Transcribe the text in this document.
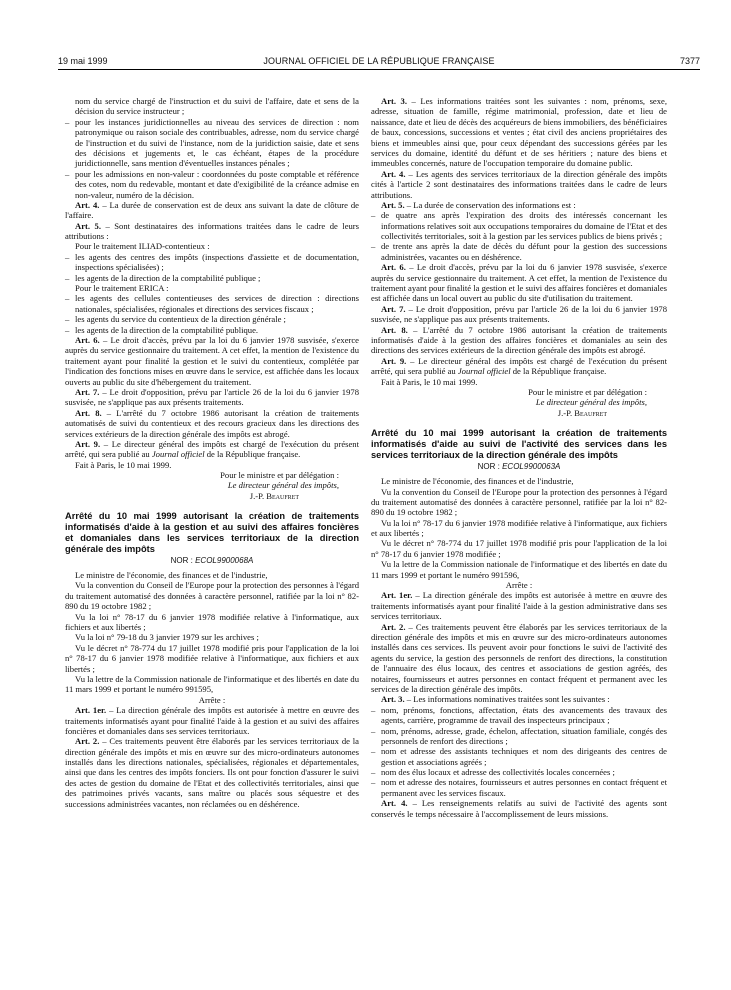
19 mai 1999	JOURNAL OFFICIEL DE LA RÉPUBLIQUE FRANÇAISE	7377

nom du service chargé de l'instruction et du suivi de l'affaire, date et sens de la décision du service instructeur ;

– pour les instances juridictionnelles au niveau des services de direction : nom patronymique ou raison sociale des contribuables, adresse, nom du service chargé de l'instruction et du suivi de l'instance, nom de la juridiction saisie, date et sens des décisions et jugements et, le cas échéant, étapes de la procédure juridictionnelle, sans mention d'éventuelles instances pénales ;

– pour les admissions en non-valeur : coordonnées du poste comptable et référence des cotes, nom du redevable, montant et date d'exigibilité de la créance admise en non-valeur, numéro de la décision.

Art. 4. – La durée de conservation est de deux ans suivant la date de clôture de l'affaire.

Art. 5. – Sont destinataires des informations traitées dans le cadre de leurs attributions :

Pour le traitement ILIAD-contentieux :

– les agents des centres des impôts (inspections d'assiette et de documentation, inspections spécialisées) ;

– les agents de la direction de la comptabilité publique ;

Pour le traitement ERICA :

– les agents des cellules contentieuses des services de direction : directions nationales, spécialisées, régionales et directions des services fiscaux ;

– les agents du service du contentieux de la direction générale ;

– les agents de la direction de la comptabilité publique.

Art. 6. – Le droit d'accès, prévu par la loi du 6 janvier 1978 susvisée, s'exerce auprès du service gestionnaire du traitement. A cet effet, la mention de l'existence du traitement ayant pour finalité la gestion et le suivi du contentieux, complétée par l'indication des fonctions mises en œuvre dans le service, est affichée dans les locaux ouverts au public du site d'hébergement du traitement.

Art. 7. – Le droit d'opposition, prévu par l'article 26 de la loi du 6 janvier 1978 susvisée, ne s'applique pas aux présents traitements.

Art. 8. – L'arrêté du 7 octobre 1986 autorisant la création de traitements automatisés de suivi du contentieux et des recours gracieux dans les directions des services extérieurs de la direction générale des impôts est abrogé.

Art. 9. – Le directeur général des impôts est chargé de l'exécution du présent arrêté, qui sera publié au Journal officiel de la République française.

Fait à Paris, le 10 mai 1999.

Pour le ministre et par délégation :

Le directeur général des impôts,

J.-P. Beaufret

Arrêté du 10 mai 1999 autorisant la création de traitements informatisés d'aide à la gestion et au suivi des affaires foncières et domaniales dans les services territoriaux de la direction générale des impôts

NOR : ECOL9900068A

Le ministre de l'économie, des finances et de l'industrie,

Vu la convention du Conseil de l'Europe pour la protection des personnes à l'égard du traitement automatisé des données à caractère personnel, ratifiée par la loi n° 82-890 du 19 octobre 1982 ;

Vu la loi n° 78-17 du 6 janvier 1978 modifiée relative à l'informatique, aux fichiers et aux libertés ;

Vu la loi n° 79-18 du 3 janvier 1979 sur les archives ;

Vu le décret n° 78-774 du 17 juillet 1978 modifié pris pour l'application de la loi n° 78-17 du 6 janvier 1978 modifiée relative à l'informatique, aux fichiers et aux libertés ;

Vu la lettre de la Commission nationale de l'informatique et des libertés en date du 11 mars 1999 et portant le numéro 991595,

Arrête :

Art. 1er. – La direction générale des impôts est autorisée à mettre en œuvre des traitements informatisés ayant pour finalité l'aide à la gestion et au suivi des affaires foncières et domaniales dans ses services territoriaux.

Art. 2. – Ces traitements peuvent être élaborés par les services territoriaux de la direction générale des impôts et mis en œuvre sur des micro-ordinateurs autonomes installés dans les directions nationales, spécialisées, régionales et départementales, ainsi que dans les centres des impôts fonciers. Ils ont pour fonction d'assurer le suivi des actes de gestion du domaine de l'Etat et des collectivités territoriales, ainsi que des patrimoines privés vacants, sans maître ou placés sous séquestre et des successions administrées vacantes, non réclamées ou en déshérence.

Art. 3. – Les informations traitées sont les suivantes : nom, prénoms, sexe, adresse, situation de famille, régime matrimonial, profession, date et lieu de naissance, date et lieu de décès des acquéreurs de biens immobiliers, des bénéficiaires de baux, concessions, successions et ventes ; état civil des anciens propriétaires des biens et immeubles ainsi que, pour ceux dépendant des successions gérées par les services du domaine, identité du défunt et de ses héritiers ; nature des biens et immeubles concernés, nature de l'occupation temporaire du domaine public.

Art. 4. – Les agents des services territoriaux de la direction générale des impôts cités à l'article 2 sont destinataires des informations traitées dans le cadre de leurs attributions.

Art. 5. – La durée de conservation des informations est :

– de quatre ans après l'expiration des droits des intéressés concernant les informations relatives soit aux occupations temporaires du domaine de l'Etat et des collectivités territoriales, soit à la gestion par les services publics de biens privés ;

– de trente ans après la date de décès du défunt pour la gestion des successions administrées, vacantes ou en déshérence.

Art. 6. – Le droit d'accès, prévu par la loi du 6 janvier 1978 susvisée, s'exerce auprès du service gestionnaire du traitement. A cet effet, la mention de l'existence du traitement ayant pour finalité la gestion et le suivi des affaires foncières et domaniales est affichée dans un local ouvert au public du site d'utilisation du traitement.

Art. 7. – Le droit d'opposition, prévu par l'article 26 de la loi du 6 janvier 1978 susvisée, ne s'applique pas aux présents traitements.

Art. 8. – L'arrêté du 7 octobre 1986 autorisant la création de traitements informatisés d'aide à la gestion des affaires foncières et domaniales au sein des directions des services extérieurs de la direction générale des impôts est abrogé.

Art. 9. – Le directeur général des impôts est chargé de l'exécution du présent arrêté, qui sera publié au Journal officiel de la République française.

Fait à Paris, le 10 mai 1999.

Pour le ministre et par délégation :

Le directeur général des impôts,

J.-P. Beaufret

Arrêté du 10 mai 1999 autorisant la création de traitements informatisés d'aide au suivi de l'activité des services dans les services territoriaux de la direction générale des impôts

NOR : ECOL9900063A

Le ministre de l'économie, des finances et de l'industrie,

Vu la convention du Conseil de l'Europe pour la protection des personnes à l'égard du traitement automatisé des données à caractère personnel, ratifiée par la loi n° 82-890 du 19 octobre 1982 ;

Vu la loi n° 78-17 du 6 janvier 1978 modifiée relative à l'informatique, aux fichiers et aux libertés ;

Vu le décret n° 78-774 du 17 juillet 1978 modifié pris pour l'application de la loi n° 78-17 du 6 janvier 1978 modifiée ;

Vu la lettre de la Commission nationale de l'informatique et des libertés en date du 11 mars 1999 et portant le numéro 991596,

Arrête :

Art. 1er. – La direction générale des impôts est autorisée à mettre en œuvre des traitements informatisés ayant pour finalité l'aide à la gestion administrative dans ses services territoriaux.

Art. 2. – Ces traitements peuvent être élaborés par les services territoriaux de la direction générale des impôts et mis en œuvre sur des micro-ordinateurs autonomes installés dans ces services. Ils peuvent avoir pour fonctions le suivi de l'activité des agents du service, la gestion des personnels de renfort des directions, la constitution de l'annuaire des élus locaux, des centres et associations de gestion agréés, des notaires, fournisseurs et autres personnes en contact fréquent et permanent avec les services de la direction générale des impôts.

Art. 3. – Les informations nominatives traitées sont les suivantes :

– nom, prénoms, fonctions, affectation, états des avancements des travaux des agents, carrière, programme de travail des inspecteurs principaux ;

– nom, prénoms, adresse, grade, échelon, affectation, situation familiale, congés des personnels de renfort des directions ;

– nom et adresse des assistants techniques et nom des dirigeants des centres de gestion et associations agréés ;

– nom des élus locaux et adresse des collectivités locales concernées ;

– nom et adresse des notaires, fournisseurs et autres personnes en contact fréquent et permanent avec les services fiscaux.

Art. 4. – Les renseignements relatifs au suivi de l'activité des agents sont conservés le temps nécessaire à l'accomplissement de leurs missions.
